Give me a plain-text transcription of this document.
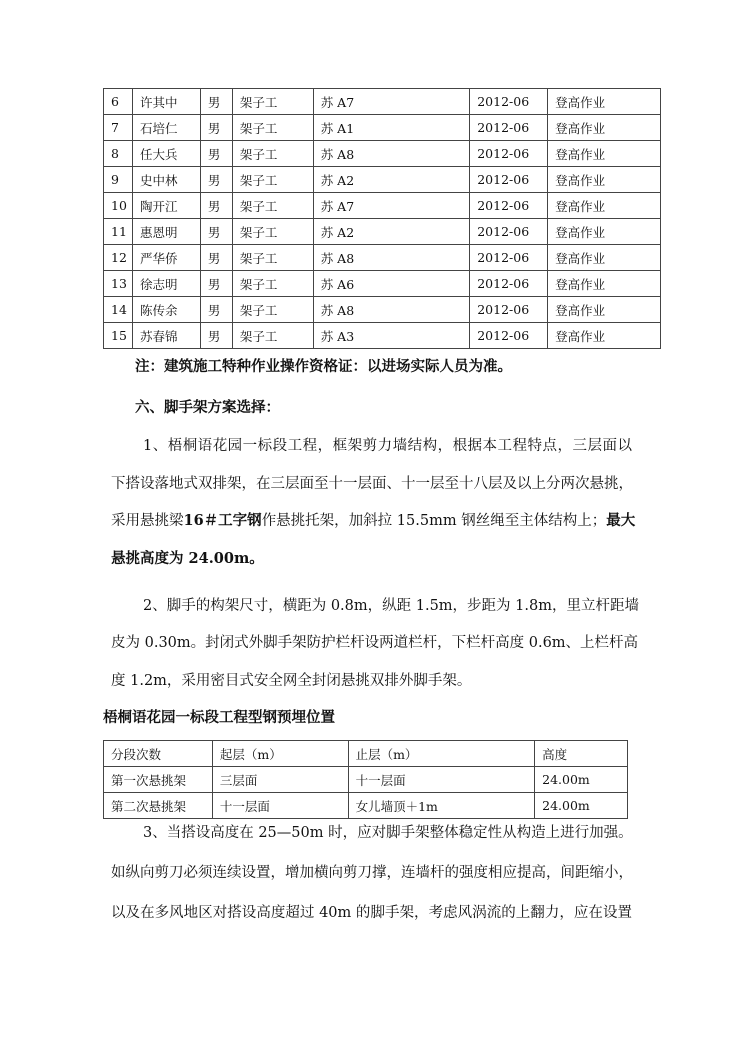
6	许其中	男	架子工	苏 A7	2012-06	登高作业
7	石培仁	男	架子工	苏 A1	2012-06	登高作业
8	任大兵	男	架子工	苏 A8	2012-06	登高作业
9	史中林	男	架子工	苏 A2	2012-06	登高作业
10	陶开江	男	架子工	苏 A7	2012-06	登高作业
11	惠恩明	男	架子工	苏 A2	2012-06	登高作业
12	严华侨	男	架子工	苏 A8	2012-06	登高作业
13	徐志明	男	架子工	苏 A6	2012-06	登高作业
14	陈传余	男	架子工	苏 A8	2012-06	登高作业
15	苏春锦	男	架子工	苏 A3	2012-06	登高作业
注：建筑施工特种作业操作资格证：以进场实际人员为准。
六、脚手架方案选择：
1、梧桐语花园一标段工程，框架剪力墙结构，根据本工程特点，三层面以
下搭设落地式双排架，在三层面至十一层面、十一层至十八层及以上分两次悬挑，
采用悬挑梁16＃工字钢作悬挑托架，加斜拉 15.5mm 钢丝绳至主体结构上；最大
悬挑高度为 24.00m。
2、脚手的构架尺寸，横距为 0.8m，纵距 1.5m，步距为 1.8m，里立杆距墙
皮为 0.30m。封闭式外脚手架防护栏杆设两道栏杆，下栏杆高度 0.6m、上栏杆高
度 1.2m，采用密目式安全网全封闭悬挑双排外脚手架。
梧桐语花园一标段工程型钢预埋位置
分段次数	起层（m）	止层（m）	高度
第一次悬挑架	三层面	十一层面	24.00m
第二次悬挑架	十一层面	女儿墙顶＋1m	24.00m
3、当搭设高度在 25—50m 时，应对脚手架整体稳定性从构造上进行加强。
如纵向剪刀必须连续设置，增加横向剪刀撑，连墙杆的强度相应提高，间距缩小，
以及在多风地区对搭设高度超过 40m 的脚手架，考虑风涡流的上翻力，应在设置
